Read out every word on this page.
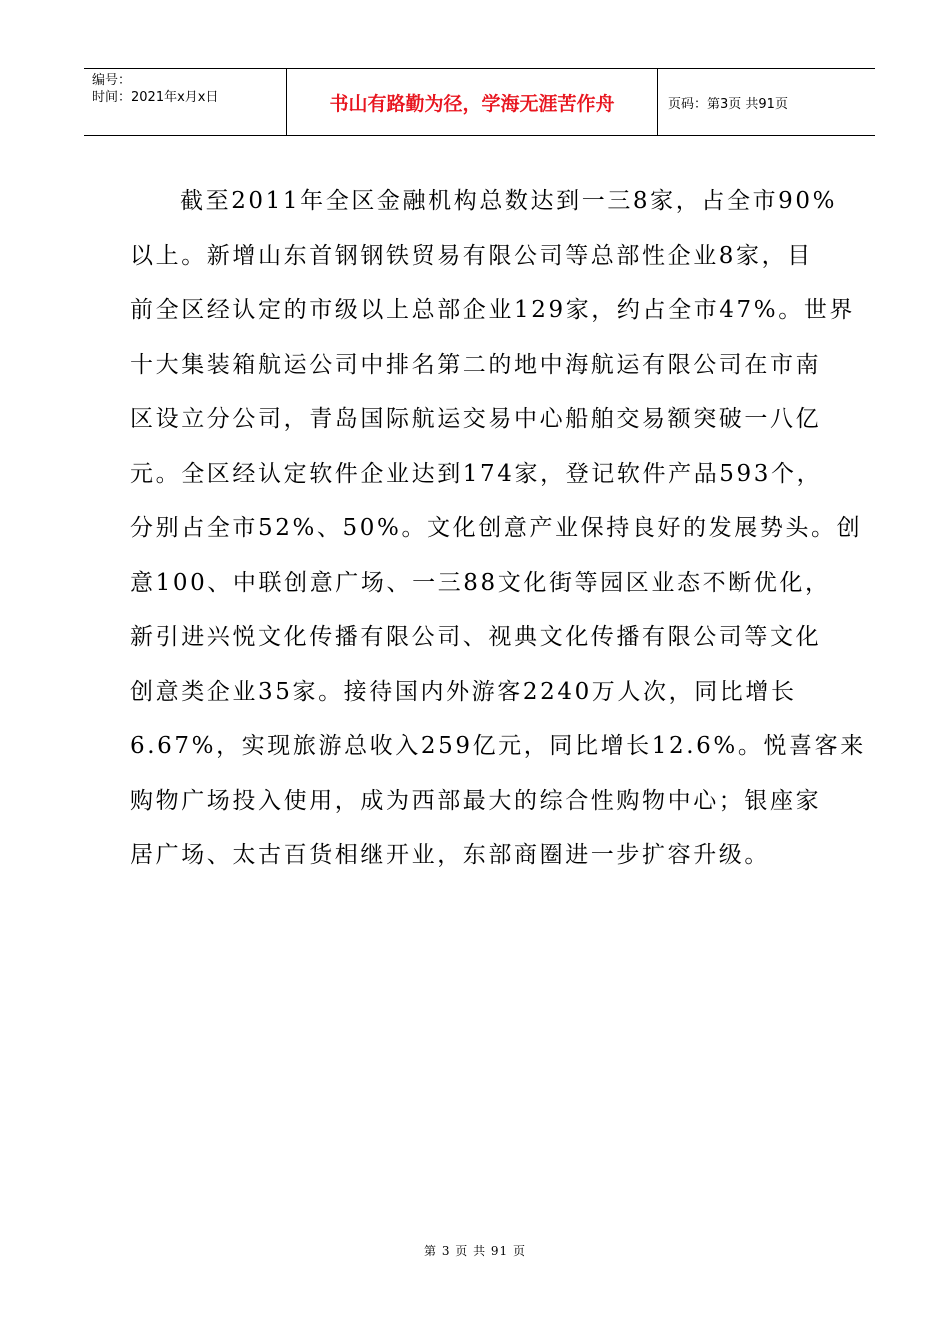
编号：
时间：2021年x月x日	书山有路勤为径，学海无涯苦作舟	页码：第3页 共91页
截至2011年全区金融机构总数达到一三8家，占全市90%
以上。新增山东首钢钢铁贸易有限公司等总部性企业8家，目
前全区经认定的市级以上总部企业129家，约占全市47%。世界
十大集装箱航运公司中排名第二的地中海航运有限公司在市南
区设立分公司，青岛国际航运交易中心船舶交易额突破一八亿
元。全区经认定软件企业达到174家，登记软件产品593个，
分别占全市52%、50%。文化创意产业保持良好的发展势头。创
意100、中联创意广场、一三88文化街等园区业态不断优化，
新引进兴悦文化传播有限公司、视典文化传播有限公司等文化
创意类企业35家。接待国内外游客2240万人次，同比增长
6.67%，实现旅游总收入259亿元，同比增长12.6%。悦喜客来
购物广场投入使用，成为西部最大的综合性购物中心；银座家
居广场、太古百货相继开业，东部商圈进一步扩容升级。
第 3 页 共 91 页
